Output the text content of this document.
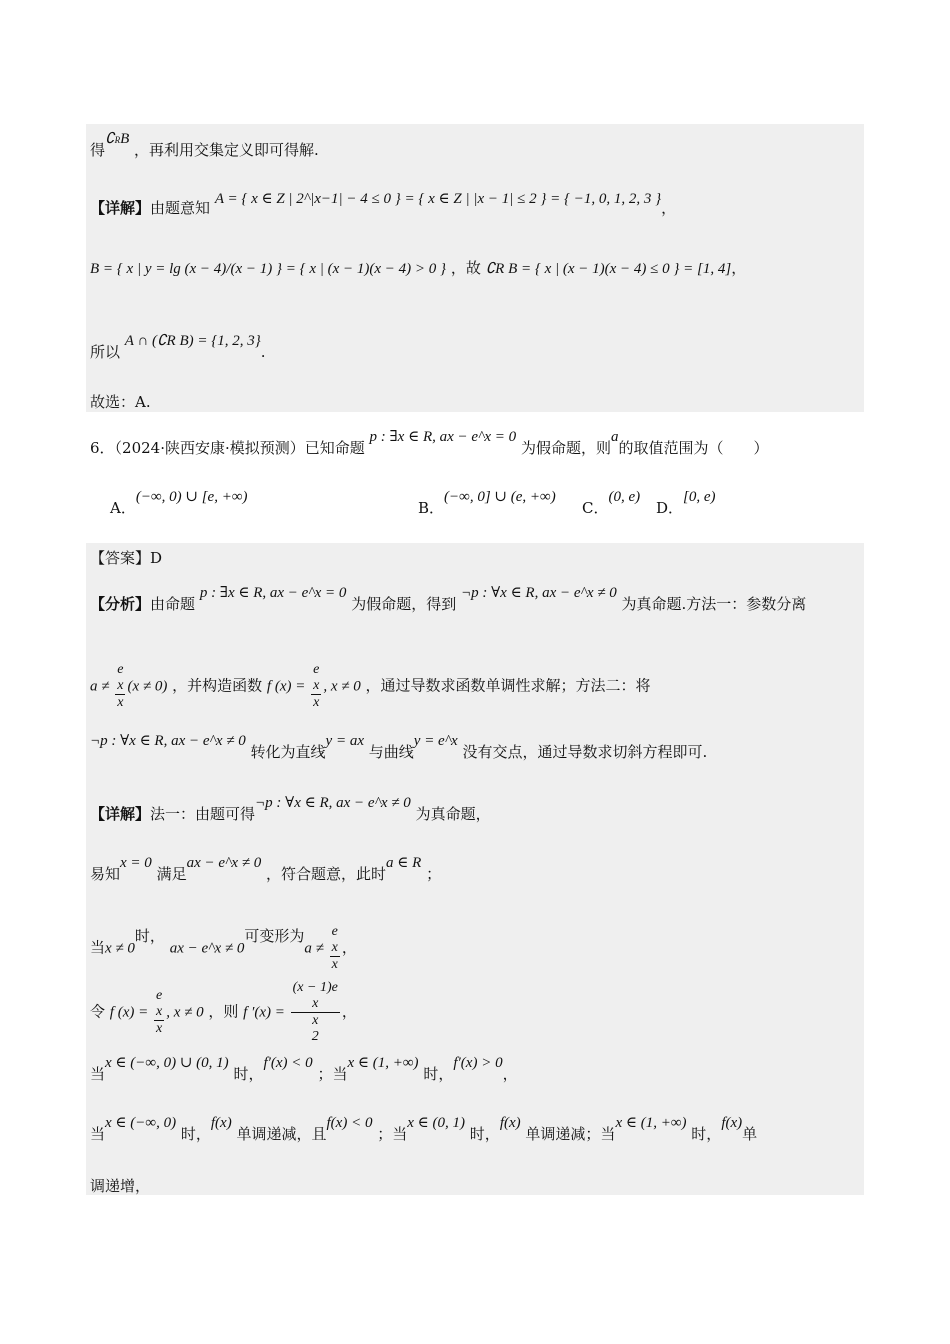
得∁RB ，再利用交集定义即可得解.
【详解】由题意知 A = { x ∈ Z | 2^|x−1| − 4 ≤ 0 } = { x ∈ Z | |x − 1| ≤ 2 } = { −1, 0, 1, 2, 3 }，
B = { x | y = lg (x − 4)/(x − 1) } = { x | (x − 1)(x − 4) > 0 } ，故 ∁R B = { x | (x − 1)(x − 4) ≤ 0 } = [1, 4]，
所以 A ∩ (∁R B) = {1, 2, 3}.
故选：A.
6．（2024·陕西安康·模拟预测）已知命题 p : ∃x ∈ R, ax − e^x = 0 为假命题，则a的取值范围为（　　）
A．(−∞, 0) ∪ [e, +∞)
B．(−∞, 0] ∪ (e, +∞)
C．(0, e)
D．[0, e)
【答案】D
【分析】由命题 p : ∃x ∈ R, ax − e^x = 0 为假命题，得到 ¬p : ∀x ∈ R, ax − e^x ≠ 0 为真命题.方法一：参数分离
a ≠ e
x
x (x ≠ 0) ，并构造函数 f (x) = e
x
x , x ≠ 0 ，通过导数求函数单调性求解；方法二：将
¬p : ∀x ∈ R, ax − e^x ≠ 0 转化为直线y = ax 与曲线y = e^x 没有交点，通过导数求切斜方程即可.
【详解】法一：由题可得¬p : ∀x ∈ R, ax − e^x ≠ 0 为真命题，
易知x = 0 满足ax − e^x ≠ 0 ，符合题意，此时a ∈ R ；
当x ≠ 0时， ax − e^x ≠ 0可变形为a ≠ e
x
x ，
令 f (x) = e
x
x , x ≠ 0 ，则 f ′(x) = (x − 1)e
x
x
2 ，
当x ∈ (−∞, 0) ∪ (0, 1) 时，f′(x) < 0 ；当x ∈ (1, +∞) 时，f′(x) > 0，
当x ∈ (−∞, 0) 时，f(x) 单调递减，且f(x) < 0 ；当x ∈ (0, 1) 时，f(x) 单调递减；当x ∈ (1, +∞) 时，f(x)单
调递增，
